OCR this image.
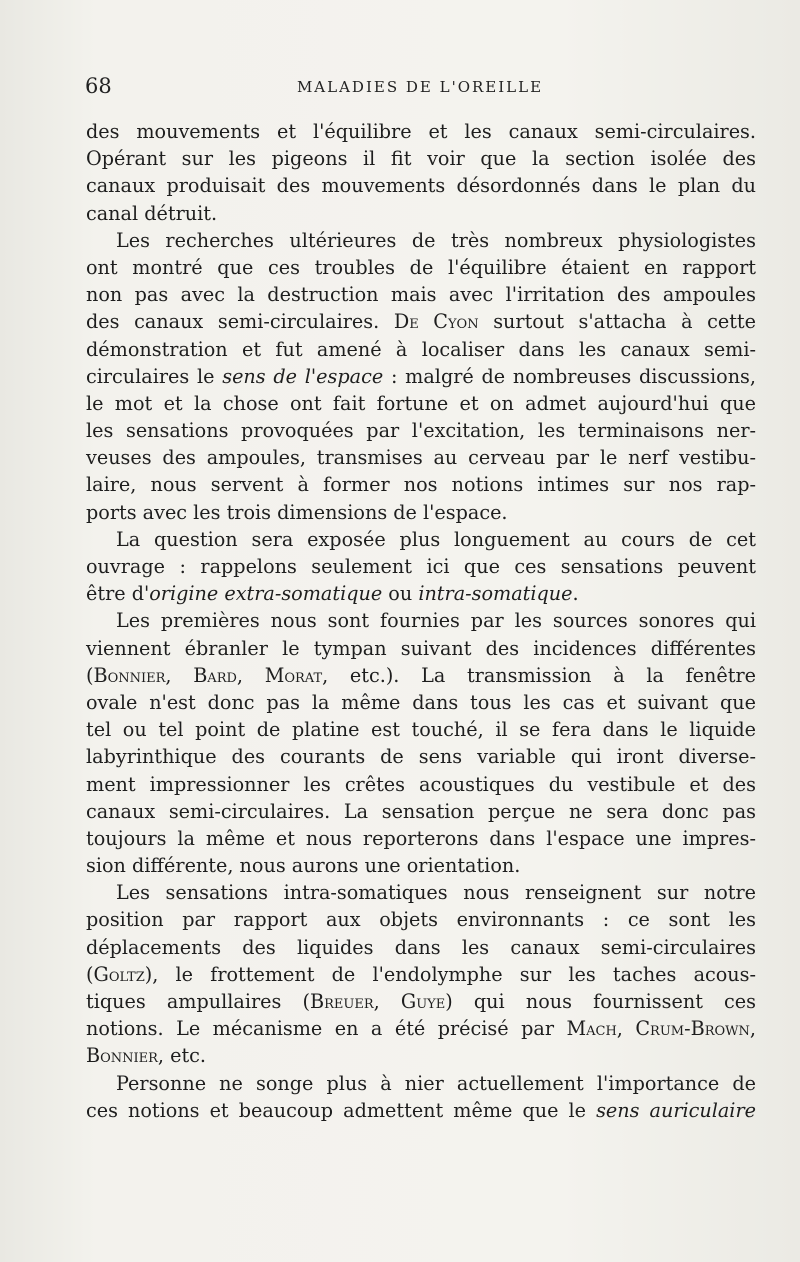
68	MALADIES DE L'OREILLE
des mouvements et l'équilibre et les canaux semi-circulaires.
Opérant sur les pigeons il fit voir que la section isolée des
canaux produisait des mouvements désordonnés dans le plan du
canal détruit.
Les recherches ultérieures de très nombreux physiologistes
ont montré que ces troubles de l'équilibre étaient en rapport
non pas avec la destruction mais avec l'irritation des ampoules
des canaux semi-circulaires. De Cyon surtout s'attacha à cette
démonstration et fut amené à localiser dans les canaux semi-
circulaires le sens de l'espace : malgré de nombreuses discussions,
le mot et la chose ont fait fortune et on admet aujourd'hui que
les sensations provoquées par l'excitation, les terminaisons ner-
veuses des ampoules, transmises au cerveau par le nerf vestibu-
laire, nous servent à former nos notions intimes sur nos rap-
ports avec les trois dimensions de l'espace.
La question sera exposée plus longuement au cours de cet
ouvrage : rappelons seulement ici que ces sensations peuvent
être d'origine extra-somatique ou intra-somatique.
Les premières nous sont fournies par les sources sonores qui
viennent ébranler le tympan suivant des incidences différentes
(Bonnier, Bard, Morat, etc.). La transmission à la fenêtre
ovale n'est donc pas la même dans tous les cas et suivant que
tel ou tel point de platine est touché, il se fera dans le liquide
labyrinthique des courants de sens variable qui iront diverse-
ment impressionner les crêtes acoustiques du vestibule et des
canaux semi-circulaires. La sensation perçue ne sera donc pas
toujours la même et nous reporterons dans l'espace une impres-
sion différente, nous aurons une orientation.
Les sensations intra-somatiques nous renseignent sur notre
position par rapport aux objets environnants : ce sont les
déplacements des liquides dans les canaux semi-circulaires
(Goltz), le frottement de l'endolymphe sur les taches acous-
tiques ampullaires (Breuer, Guye) qui nous fournissent ces
notions. Le mécanisme en a été précisé par Mach, Crum-Brown,
Bonnier, etc.
Personne ne songe plus à nier actuellement l'importance de
ces notions et beaucoup admettent même que le sens auriculaire
